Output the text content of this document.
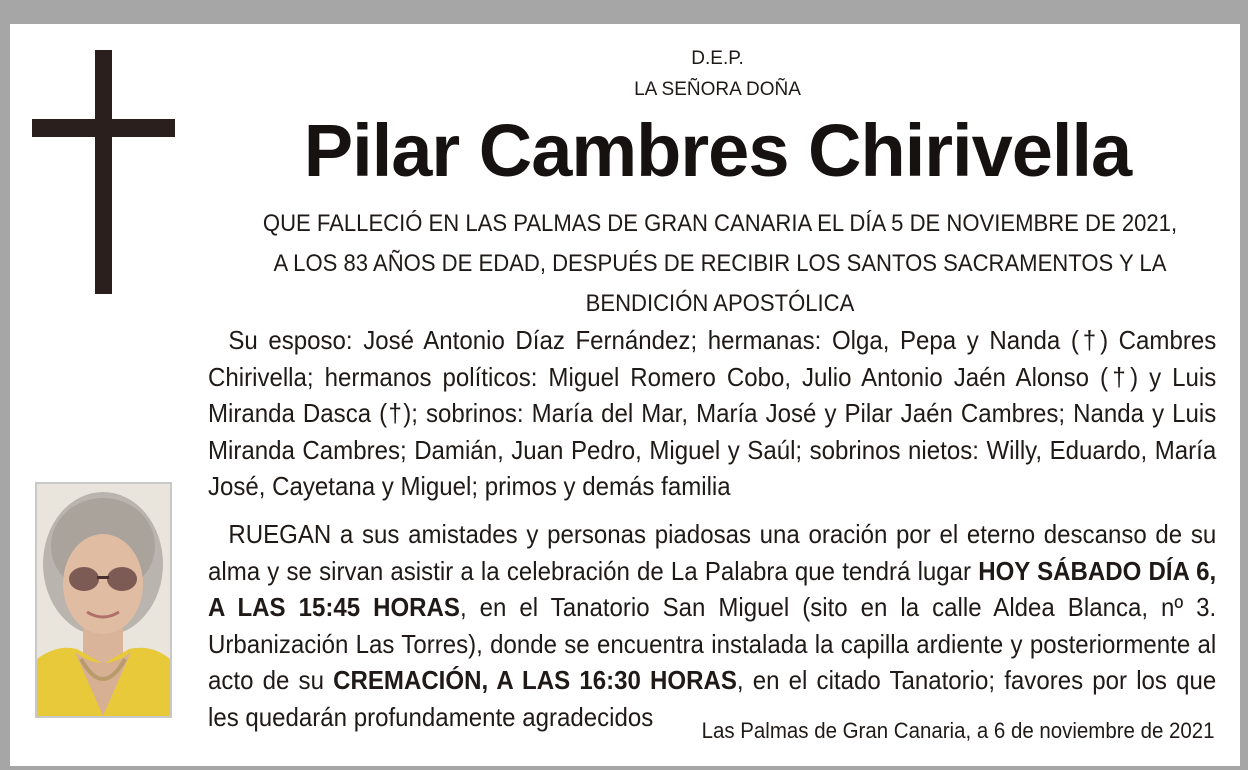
D.E.P.
LA SEÑORA DOÑA
Pilar Cambres Chirivella
QUE FALLECIÓ EN LAS PALMAS DE GRAN CANARIA EL DÍA 5 DE NOVIEMBRE DE 2021, A LOS 83 AÑOS DE EDAD, DESPUÉS DE RECIBIR LOS SANTOS SACRAMENTOS Y LA BENDICIÓN APOSTÓLICA

Su esposo: José Antonio Díaz Fernández; hermanas: Olga, Pepa y Nanda (†) Cambres Chirivella; hermanos políticos: Miguel Romero Cobo, Julio Antonio Jaén Alonso (†) y Luis Miranda Dasca (†); sobrinos: María del Mar, María José y Pilar Jaén Cambres; Nanda y Luis Miranda Cambres; Damián, Juan Pedro, Miguel y Saúl; sobrinos nietos: Willy, Eduardo, María José, Cayetana y Miguel; primos y demás familia

RUEGAN a sus amistades y personas piadosas una oración por el eterno descanso de su alma y se sirvan asistir a la celebración de La Palabra que tendrá lugar HOY SÁBADO DÍA 6, A LAS 15:45 HORAS, en el Tanatorio San Miguel (sito en la calle Aldea Blanca, nº 3. Urbanización Las Torres), donde se encuentra instalada la capilla ardiente y posteriormente al acto de su CREMACIÓN, A LAS 16:30 HORAS, en el citado Tanatorio; favores por los que les quedarán profundamente agradecidos	Las Palmas de Gran Canaria, a 6 de noviembre de 2021
